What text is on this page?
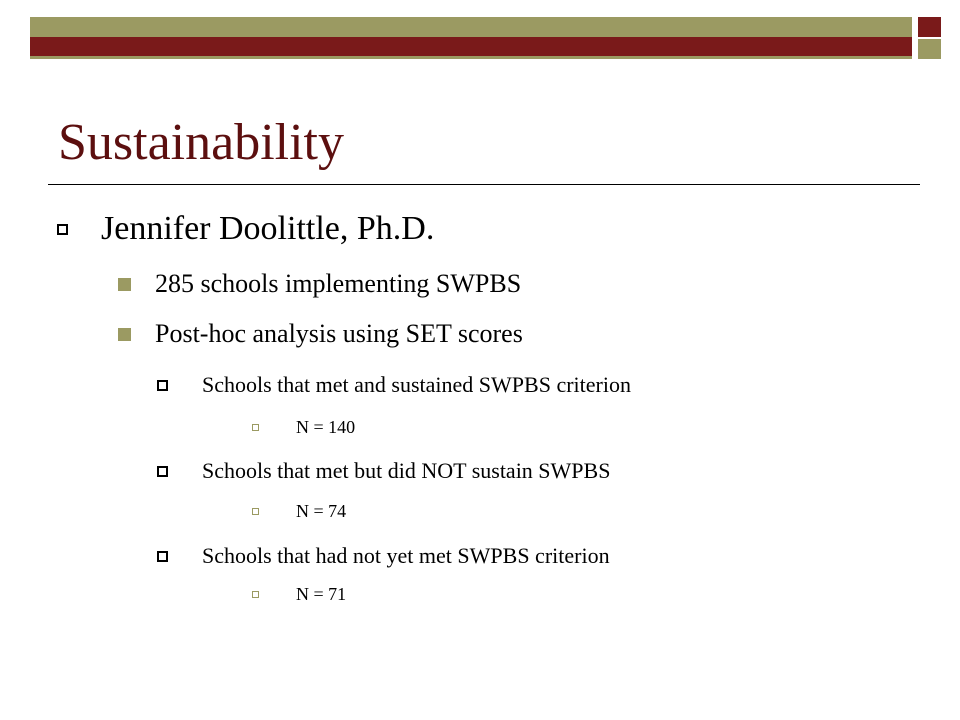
Sustainability
Jennifer Doolittle, Ph.D.
285 schools implementing SWPBS
Post-hoc analysis using SET scores
Schools that met and sustained SWPBS criterion
N = 140
Schools that met but did NOT sustain SWPBS
N = 74
Schools that had not yet met SWPBS criterion
N = 71
